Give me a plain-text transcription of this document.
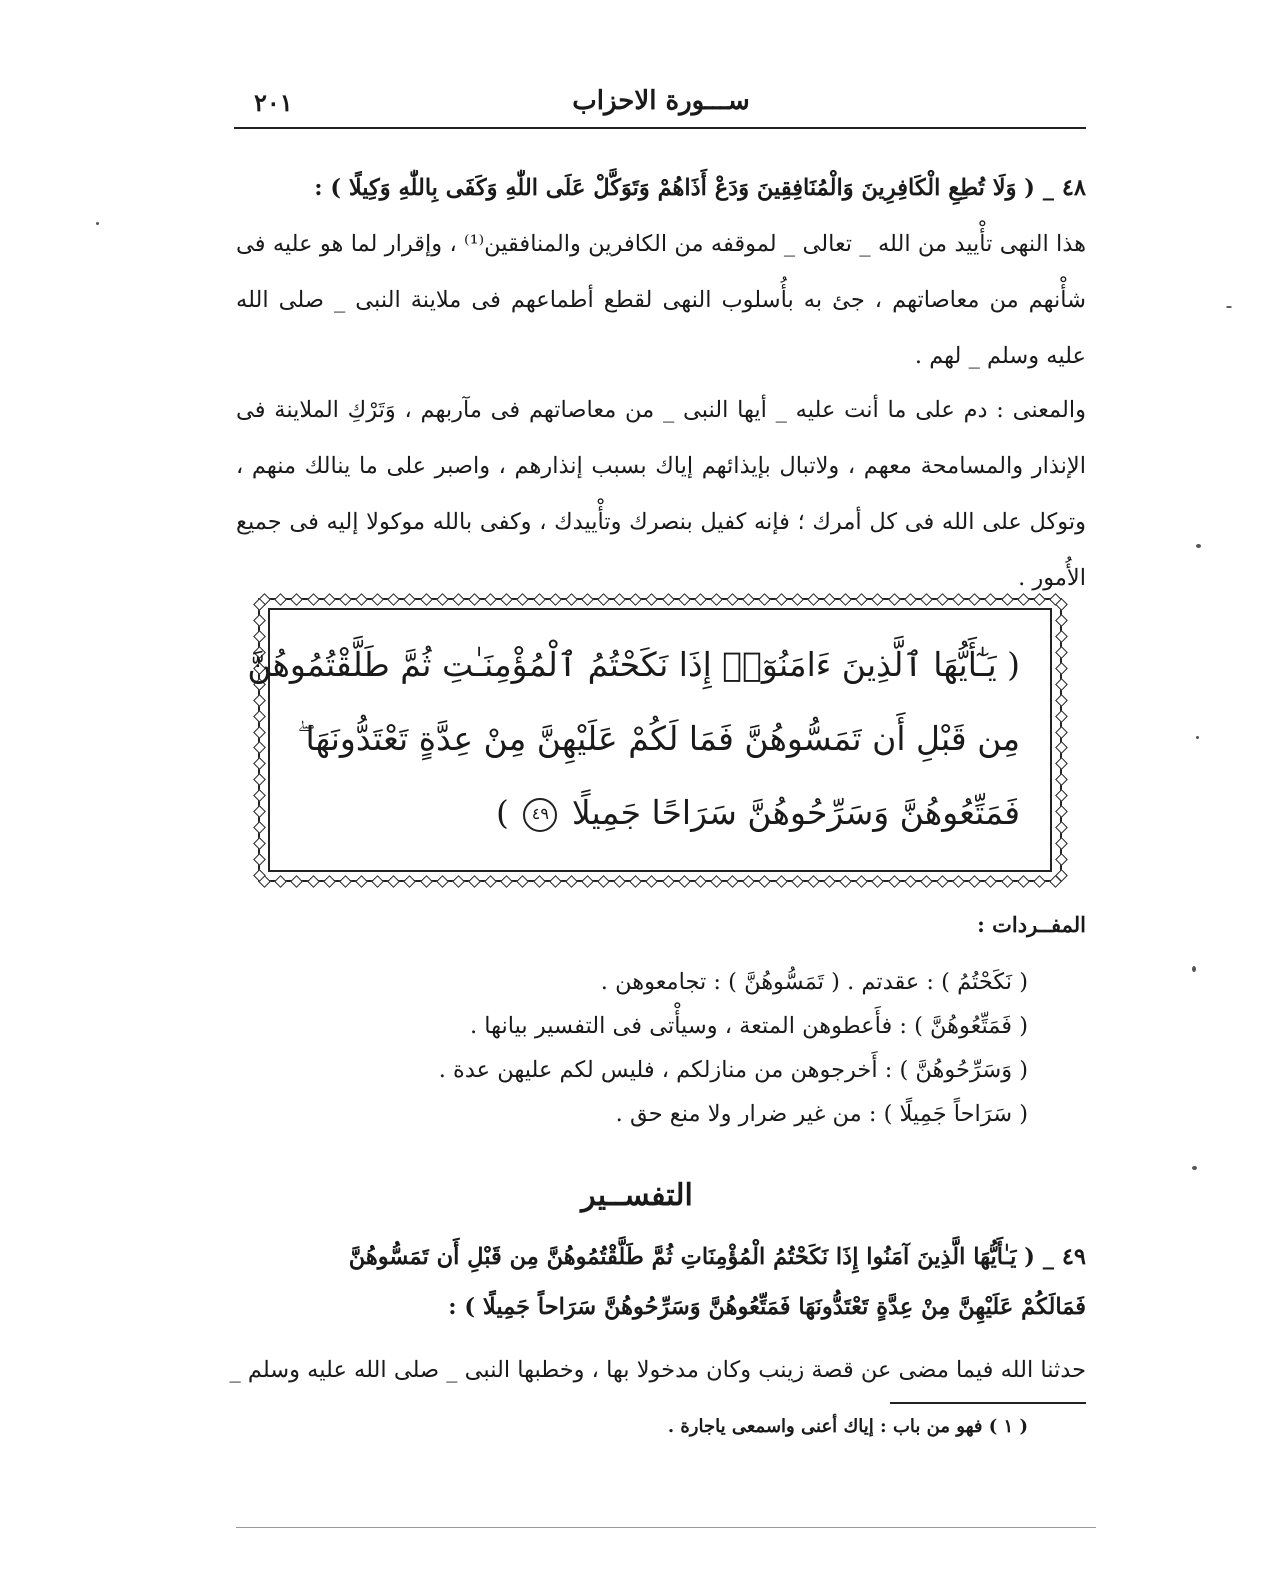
ســـورة الاحزاب
٢٠١
٤٨ _ ( وَلَا تُطِعِ الْكَافِرِينَ وَالْمُنَافِقِينَ وَدَعْ أَذَاهُمْ وَتَوَكَّلْ عَلَى اللّٰهِ وَكَفَى بِاللّٰهِ وَكِيلًا ) :
هذا النهى تأْييد من الله _ تعالى _ لموقفه من الكافرين والمنافقين⁽¹⁾ ، وإقرار لما هو عليه فى شأْنهم من معاصاتهم ، جئ به بأُسلوب النهى لقطع أطماعهم فى ملاينة النبى _ صلى الله عليه وسلم _ لهم .
والمعنى : دم على ما أنت عليه _ أيها النبى _ من معاصاتهم فى مآربهم ، وَتَرْكِ الملاينة فى الإنذار والمسامحة معهم ، ولاتبال بإيذائهم إياك بسبب إنذارهم ، واصبر على ما ينالك منهم ، وتوكل على الله فى كل أمرك ؛ فإنه كفيل بنصرك وتأْييدك ، وكفى بالله موكولا إليه فى جميع الأُمور .
( يَـٰٓأَيُّهَا ٱلَّذِينَ ءَامَنُوٓا۟ إِذَا نَكَحْتُمُ ٱلْمُؤْمِنَـٰتِ ثُمَّ طَلَّقْتُمُوهُنَّ
مِن قَبْلِ أَن تَمَسُّوهُنَّ فَمَا لَكُمْ عَلَيْهِنَّ مِنْ عِدَّةٍ تَعْتَدُّونَهَا ۖ
فَمَتِّعُوهُنَّ وَسَرِّحُوهُنَّ سَرَاحًا جَمِيلًا ٤٩ )
المفــردات :
( نَكَحْتُمُ ) : عقدتم . ( تَمَسُّوهُنَّ ) : تجامعوهن .
( فَمَتِّعُوهُنَّ ) : فأَعطوهن المتعة ، وسيأْتى فى التفسير بيانها .
( وَسَرِّحُوهُنَّ ) : أَخرجوهن من منازلكم ، فليس لكم عليهن عدة .
( سَرَاحاً جَمِيلًا ) : من غير ضرار ولا منع حق .
التفســير
٤٩ _ ( يَـٰأَيُّهَا الَّذِينَ آمَنُوا إِذَا نَكَحْتُمُ الْمُؤْمِنَاتِ ثُمَّ طَلَّقْتُمُوهُنَّ مِن قَبْلِ أَن تَمَسُّوهُنَّ
فَمَالَكُمْ عَلَيْهِنَّ مِنْ عِدَّةٍ تَعْتَدُّونَهَا فَمَتِّعُوهُنَّ وَسَرِّحُوهُنَّ سَرَاحاً جَمِيلًا ) :
حدثنا الله فيما مضى عن قصة زينب وكان مدخولا بها ، وخطبها النبى _ صلى الله عليه وسلم _
( ١ ) فهو من باب : إياك أعنى واسمعى ياجارة .
